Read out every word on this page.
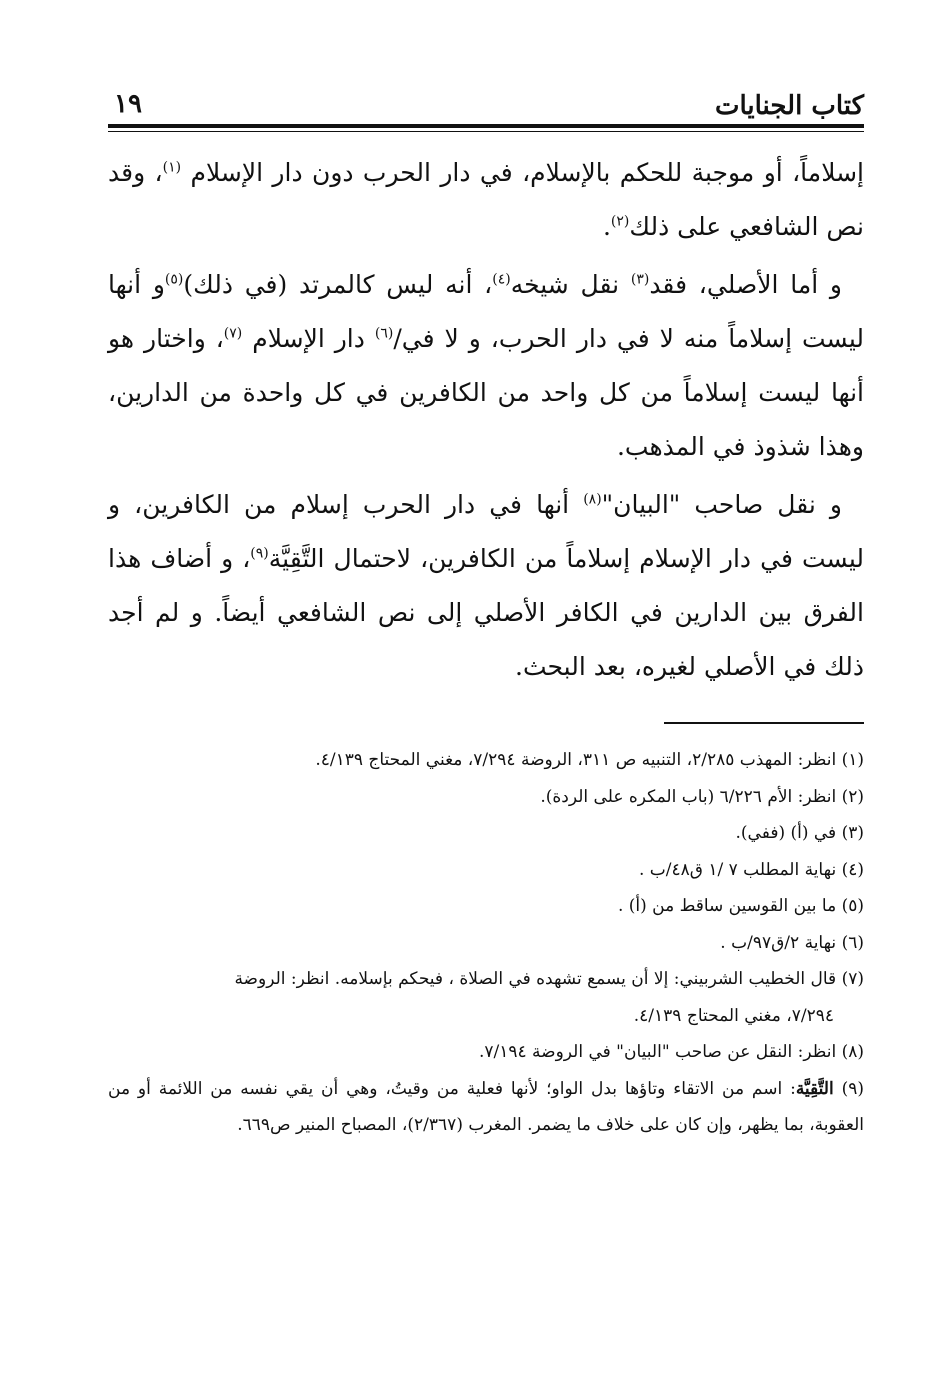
كتاب الجنايات
١٩

إسلاماً، أو موجبة للحكم بالإسلام، في دار الحرب دون دار الإسلام $^{(١)}$، وقد نص الشافعي على ذلك$^{(٢)}$.

و أما الأصلي، فقد$^{(٣)}$ نقل شيخه$^{(٤)}$، أنه ليس كالمرتد (في ذلك)$^{(٥)}$و أنها ليست إسلاماً منه لا في دار الحرب، و لا في/$^{(٦)}$ دار الإسلام $^{(٧)}$، واختار هو أنها ليست إسلاماً من كل واحد من الكافرين في كل واحدة من الدارين، وهذا شذوذ في المذهب.

و نقل صاحب "البيان"$^{(٨)}$ أنها في دار الحرب إسلام من الكافرين، و ليست في دار الإسلام إسلاماً من الكافرين، لاحتمال التَّقِيَّة$^{(٩)}$، و أضاف هذا الفرق بين الدارين في الكافر الأصلي إلى نص الشافعي أيضاً. و لم أجد ذلك في الأصلي لغيره، بعد البحث.

(١) انظر: المهذب ٢/٢٨٥، التنبيه ص ٣١١، الروضة ٧/٢٩٤، مغني المحتاج ٤/١٣٩.

(٢) انظر: الأم ٦/٢٢٦ (باب المكره على الردة).

(٣) في (أ) (ففي).

(٤) نهاية المطلب ٧ /١ ق٤٨/ب .

(٥) ما بين القوسين ساقط من (أ) .

(٦) نهاية ٢/ق٩٧/ب .

(٧) قال الخطيب الشربيني: إلا أن يسمع تشهده في الصلاة ، فيحكم بإسلامه. انظر: الروضة
٧/٢٩٤، مغني المحتاج ٤/١٣٩.

(٨) انظر: النقل عن صاحب "البيان" في الروضة ٧/١٩٤.

(٩) التَّقِيَّة: اسم من الاتقاء وتاؤها بدل الواو؛ لأنها فعلية من وقيتُ، وهي أن يقي نفسه من اللائمة أو من العقوبة، بما يظهر، وإن كان على خلاف ما يضمر. المغرب (٢/٣٦٧)، المصباح المنير ص٦٦٩.
